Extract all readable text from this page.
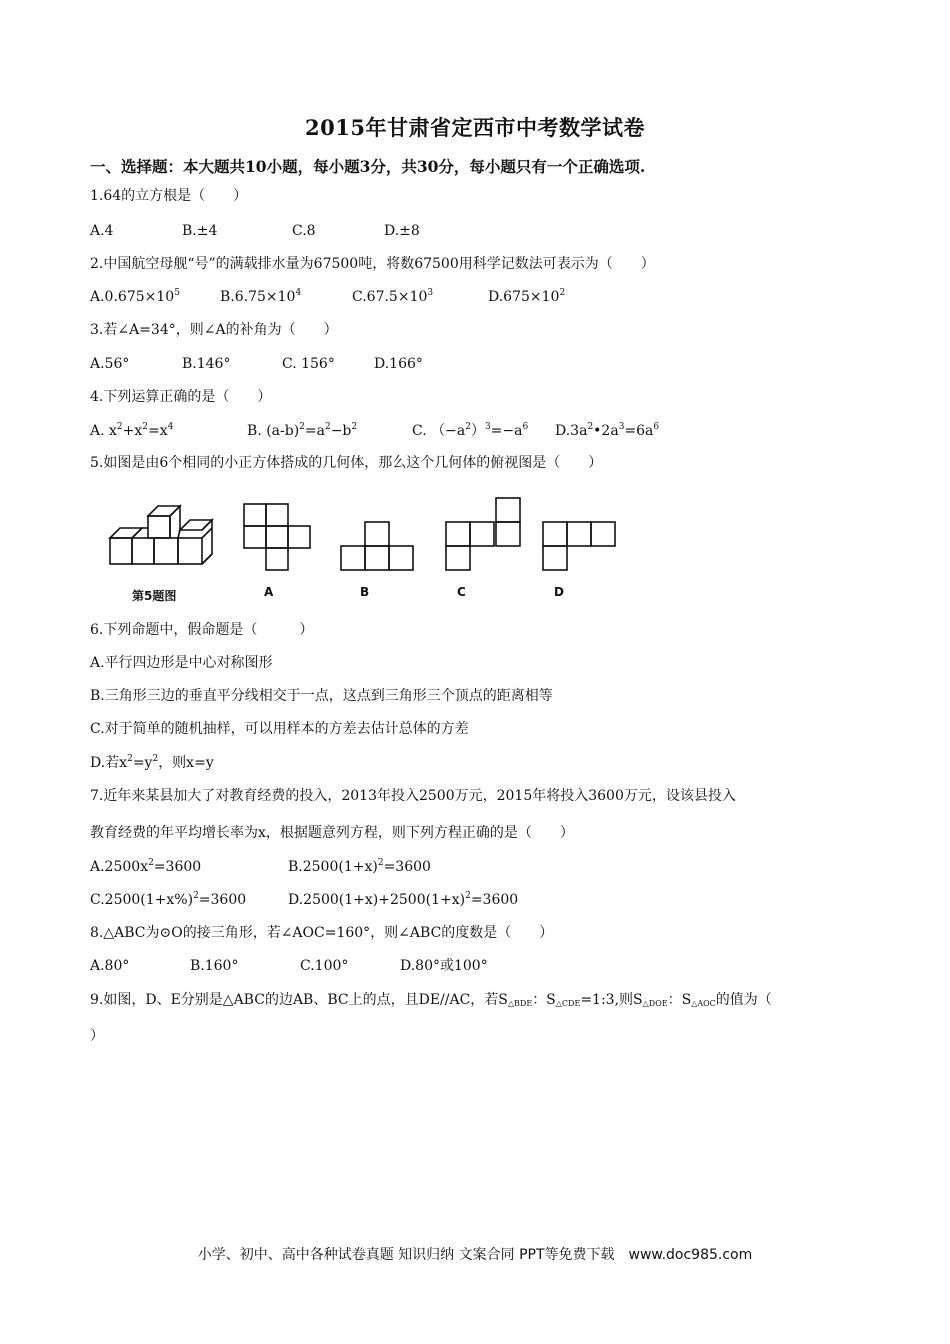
2015年甘肃省定西市中考数学试卷
一、选择题：本大题共10小题，每小题3分，共30分，每小题只有一个正确选项.
1.64的立方根是（　　）
A.4	B.±4	C.8	D.±8
2.中国航空母舰“号”的满载排水量为67500吨，将数67500用科学记数法可表示为（　　）
$A.0.675\times 10^5$	$B.6.75\times 10^4$	$C.67.5\times 10^3$	$D.675\times 10^2$
3.若∠A=34°，则∠A的补角为（　　）
A.56°	B.146°	C. 156°	D.166°
4.下列运算正确的是（　　）
A. $x^2+x^2=x^4$	B. $(a-b)^2=a^2-b^2$	C. $(-a^2)^3=-a^6$ $D.3a^2•2a^3=6a^6$
5.如图是由6个相同的小正方体搭成的几何体，那么这个几何体的俯视图是（　　）
第5题图	A	B	C	D
6.下列命题中，假命题是（　　　）
A.平行四边形是中心对称图形
B.三角形三边的垂直平分线相交于一点，这点到三角形三个顶点的距离相等
C.对于简单的随机抽样，可以用样本的方差去估计总体的方差
D.若$x^2=y^2$，则x=y
7.近年来某县加大了对教育经费的投入，2013年投入2500万元，2015年将投入3600万元，设该县投入
教育经费的年平均增长率为x，根据题意列方程，则下列方程正确的是（　　）
$A.2500x^2=3600$	$B.2500(1+x)^2=3600$
$C.2500(1+x\%)^2=3600$	$D.2500(1+x)+2500(1+x)^2=3600$
8.△ABC为⊙O的接三角形，若∠AOC=160°，则∠ABC的度数是（　　）
A.80°	B.160°	C.100°	D.80°或100°
9.如图，D、E分别是△ABC的边AB、BC上的点，且DE//AC，若$S_{\triangle BDE}$：$S_{\triangle CDE}=1:3$,则$S_{\triangle DOE}$：$S_{\triangle AOC}$的值为（
）
小学、初中、高中各种试卷真题 知识归纳 文案合同 PPT等免费下载　www.doc985.com
